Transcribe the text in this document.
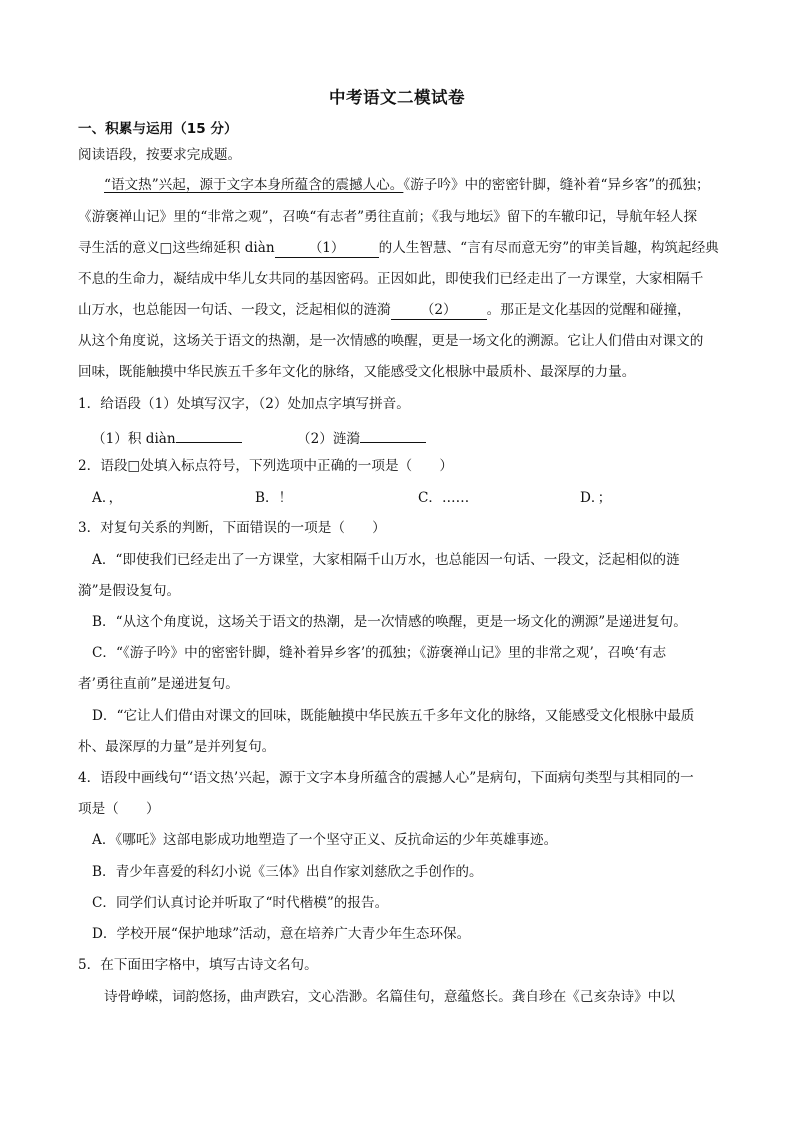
中考语文二模试卷
一、积累与运用（15 分）
阅读语段，按要求完成题。
“语文热”兴起，源于文字本身所蕴含的震撼人心。《游子吟》中的密密针脚，缝补着“异乡客”的孤独；
《游褒禅山记》里的“非常之观”，召唤“有志者”勇往直前；《我与地坛》留下的车辙印记，导航年轻人探
寻生活的意义□这些绵延积 diàn	（1）	的人生智慧、“言有尽而意无穷”的审美旨趣，构筑起经典
不息的生命力，凝结成中华儿女共同的基因密码。正因如此，即使我们已经走出了一方课堂，大家相隔千
山万水，也总能因一句话、一段文，泛起相似的涟漪 （2） 。那正是文化基因的觉醒和碰撞，
从这个角度说，这场关于语文的热潮，是一次情感的唤醒，更是一场文化的溯源。它让人们借由对课文的
回味，既能触摸中华民族五千多年文化的脉络，又能感受文化根脉中最质朴、最深厚的力量。
1．给语段（1）处填写汉字，（2）处加点字填写拼音。
（1）积 diàn	（2）涟漪
2．语段□处填入标点符号，下列选项中正确的一项是（　　）
A．，	B．！	C．……	D．；
3．对复句关系的判断，下面错误的一项是（　　）
A．“即使我们已经走出了一方课堂，大家相隔千山万水，也总能因一句话、一段文，泛起相似的涟
漪”是假设复句。
B．“从这个角度说，这场关于语文的热潮，是一次情感的唤醒，更是一场文化的溯源”是递进复句。
C．“《游子吟》中的密密针脚，缝补着异乡客’的孤独；《游褒禅山记》里的非常之观’，召唤‘有志
者’勇往直前”是递进复句。
D．“它让人们借由对课文的回味，既能触摸中华民族五千多年文化的脉络，又能感受文化根脉中最质
朴、最深厚的力量”是并列复句。
4．语段中画线句“‘语文热’兴起，源于文字本身所蕴含的震撼人心”是病句，下面病句类型与其相同的一
项是（　　）
A．《哪吒》这部电影成功地塑造了一个坚守正义、反抗命运的少年英雄事迹。
B．青少年喜爱的科幻小说《三体》出自作家刘慈欣之手创作的。
C．同学们认真讨论并听取了“时代楷模”的报告。
D．学校开展“保护地球”活动，意在培养广大青少年生态环保。
5．在下面田字格中，填写古诗文名句。
诗骨峥嵘，词韵悠扬，曲声跌宕，文心浩渺。名篇佳句，意蕴悠长。龚自珍在《己亥杂诗》中以
